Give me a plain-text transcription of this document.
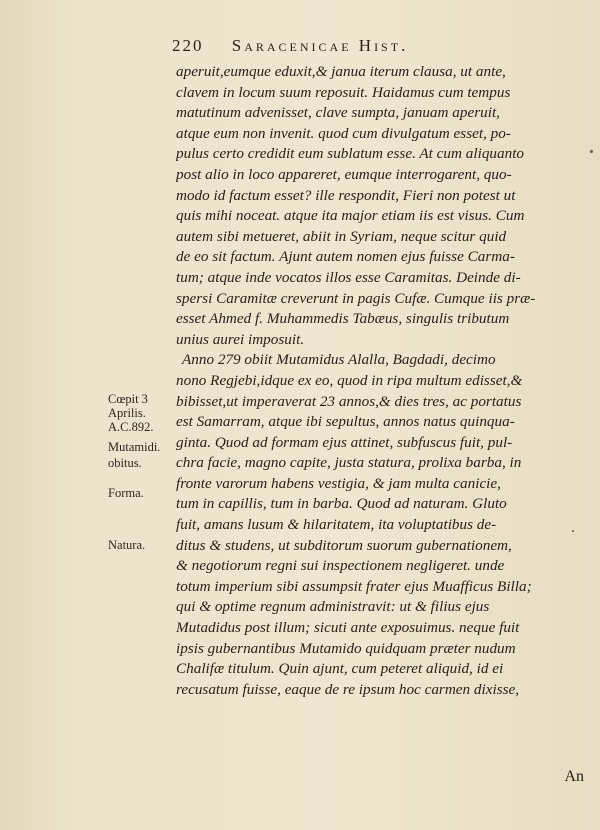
220 Saracenicae Hist.
aperuit,eumque eduxit,& janua iterum clausa, ut ante,
clavem in locum suum reposuit. Haidamus cum tempus
matutinum advenisset, clave sumpta, januam aperuit,
atque eum non invenit. quod cum divulgatum esset, po-
pulus certo credidit eum sublatum esse. At cum aliquanto
post alio in loco appareret, eumque interrogarent, quo-
modo id factum esset? ille respondit, Fieri non potest ut
quis mihi noceat. atque ita major etiam iis est visus. Cum
autem sibi metueret, abiit in Syriam, neque scitur quid
de eo sit factum. Ajunt autem nomen ejus fuisse Carma-
tum; atque inde vocatos illos esse Caramitas. Deinde di-
spersi Caramitæ creverunt in pagis Cufæ. Cumque iis præ-
esset Ahmed f. Muhammedis Tabæus, singulis tributum
unius aurei imposuit.
Anno 279 obiit Mutamidus Alalla, Bagdadi, decimo
nono Regjebi,idque ex eo, quod in ripa multum edisset,&
bibisset,ut imperaverat 23 annos,& dies tres, ac portatus
est Samarram, atque ibi sepultus, annos natus quinqua-
ginta. Quod ad formam ejus attinet, subfuscus fuit, pul-
chra facie, magno capite, justa statura, prolixa barba, in
fronte varorum habens vestigia, & jam multa canicie,
tum in capillis, tum in barba. Quod ad naturam. Gluto
fuit, amans lusum & hilaritatem, ita voluptatibus de-
ditus & studens, ut subditorum suorum gubernationem,
& negotiorum regni sui inspectionem negligeret. unde
totum imperium sibi assumpsit frater ejus Muafficus Billa;
qui & optime regnum administravit: ut & filius ejus
Mutadidus post illum; sicuti ante exposuimus. neque fuit
ipsis gubernantibus Mutamido quidquam præter nudum
Chalifæ titulum. Quin ajunt, cum peteret aliquid, id ei
recusatum fuisse, eaque de re ipsum hoc carmen dixisse,
Cœpit 3
Aprilis.
A.C.892.
Mutamidi.
obitus.
Forma.
Natura.
An
